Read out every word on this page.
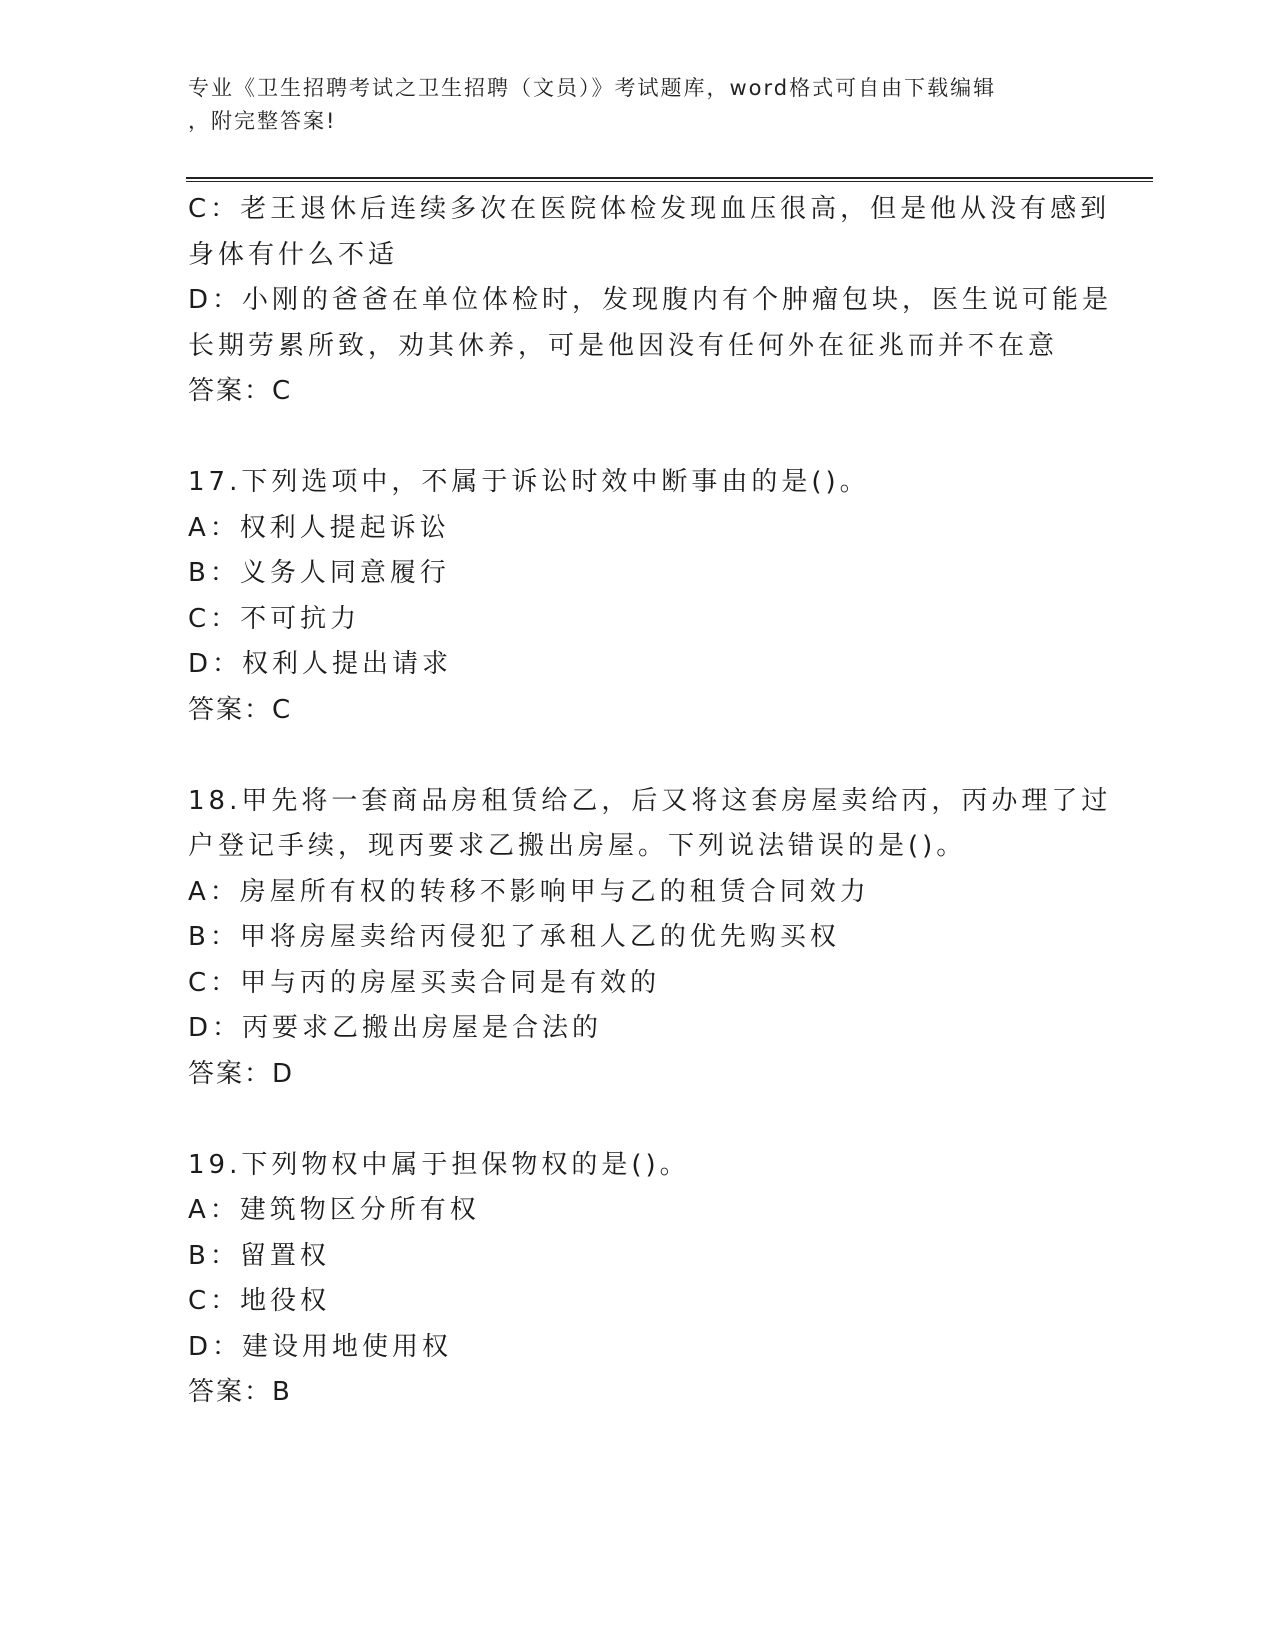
专业《卫生招聘考试之卫生招聘（文员）》考试题库，word格式可自由下载编辑
，附完整答案!
C：老王退休后连续多次在医院体检发现血压很高，但是他从没有感到
身体有什么不适
D：小刚的爸爸在单位体检时，发现腹内有个肿瘤包块，医生说可能是
长期劳累所致，劝其休养，可是他因没有任何外在征兆而并不在意
答案：C
17.下列选项中，不属于诉讼时效中断事由的是()。
A：权利人提起诉讼
B：义务人同意履行
C：不可抗力
D：权利人提出请求
答案：C
18.甲先将一套商品房租赁给乙，后又将这套房屋卖给丙，丙办理了过
户登记手续，现丙要求乙搬出房屋。下列说法错误的是()。
A：房屋所有权的转移不影响甲与乙的租赁合同效力
B：甲将房屋卖给丙侵犯了承租人乙的优先购买权
C：甲与丙的房屋买卖合同是有效的
D：丙要求乙搬出房屋是合法的
答案：D
19.下列物权中属于担保物权的是()。
A：建筑物区分所有权
B：留置权
C：地役权
D：建设用地使用权
答案：B
